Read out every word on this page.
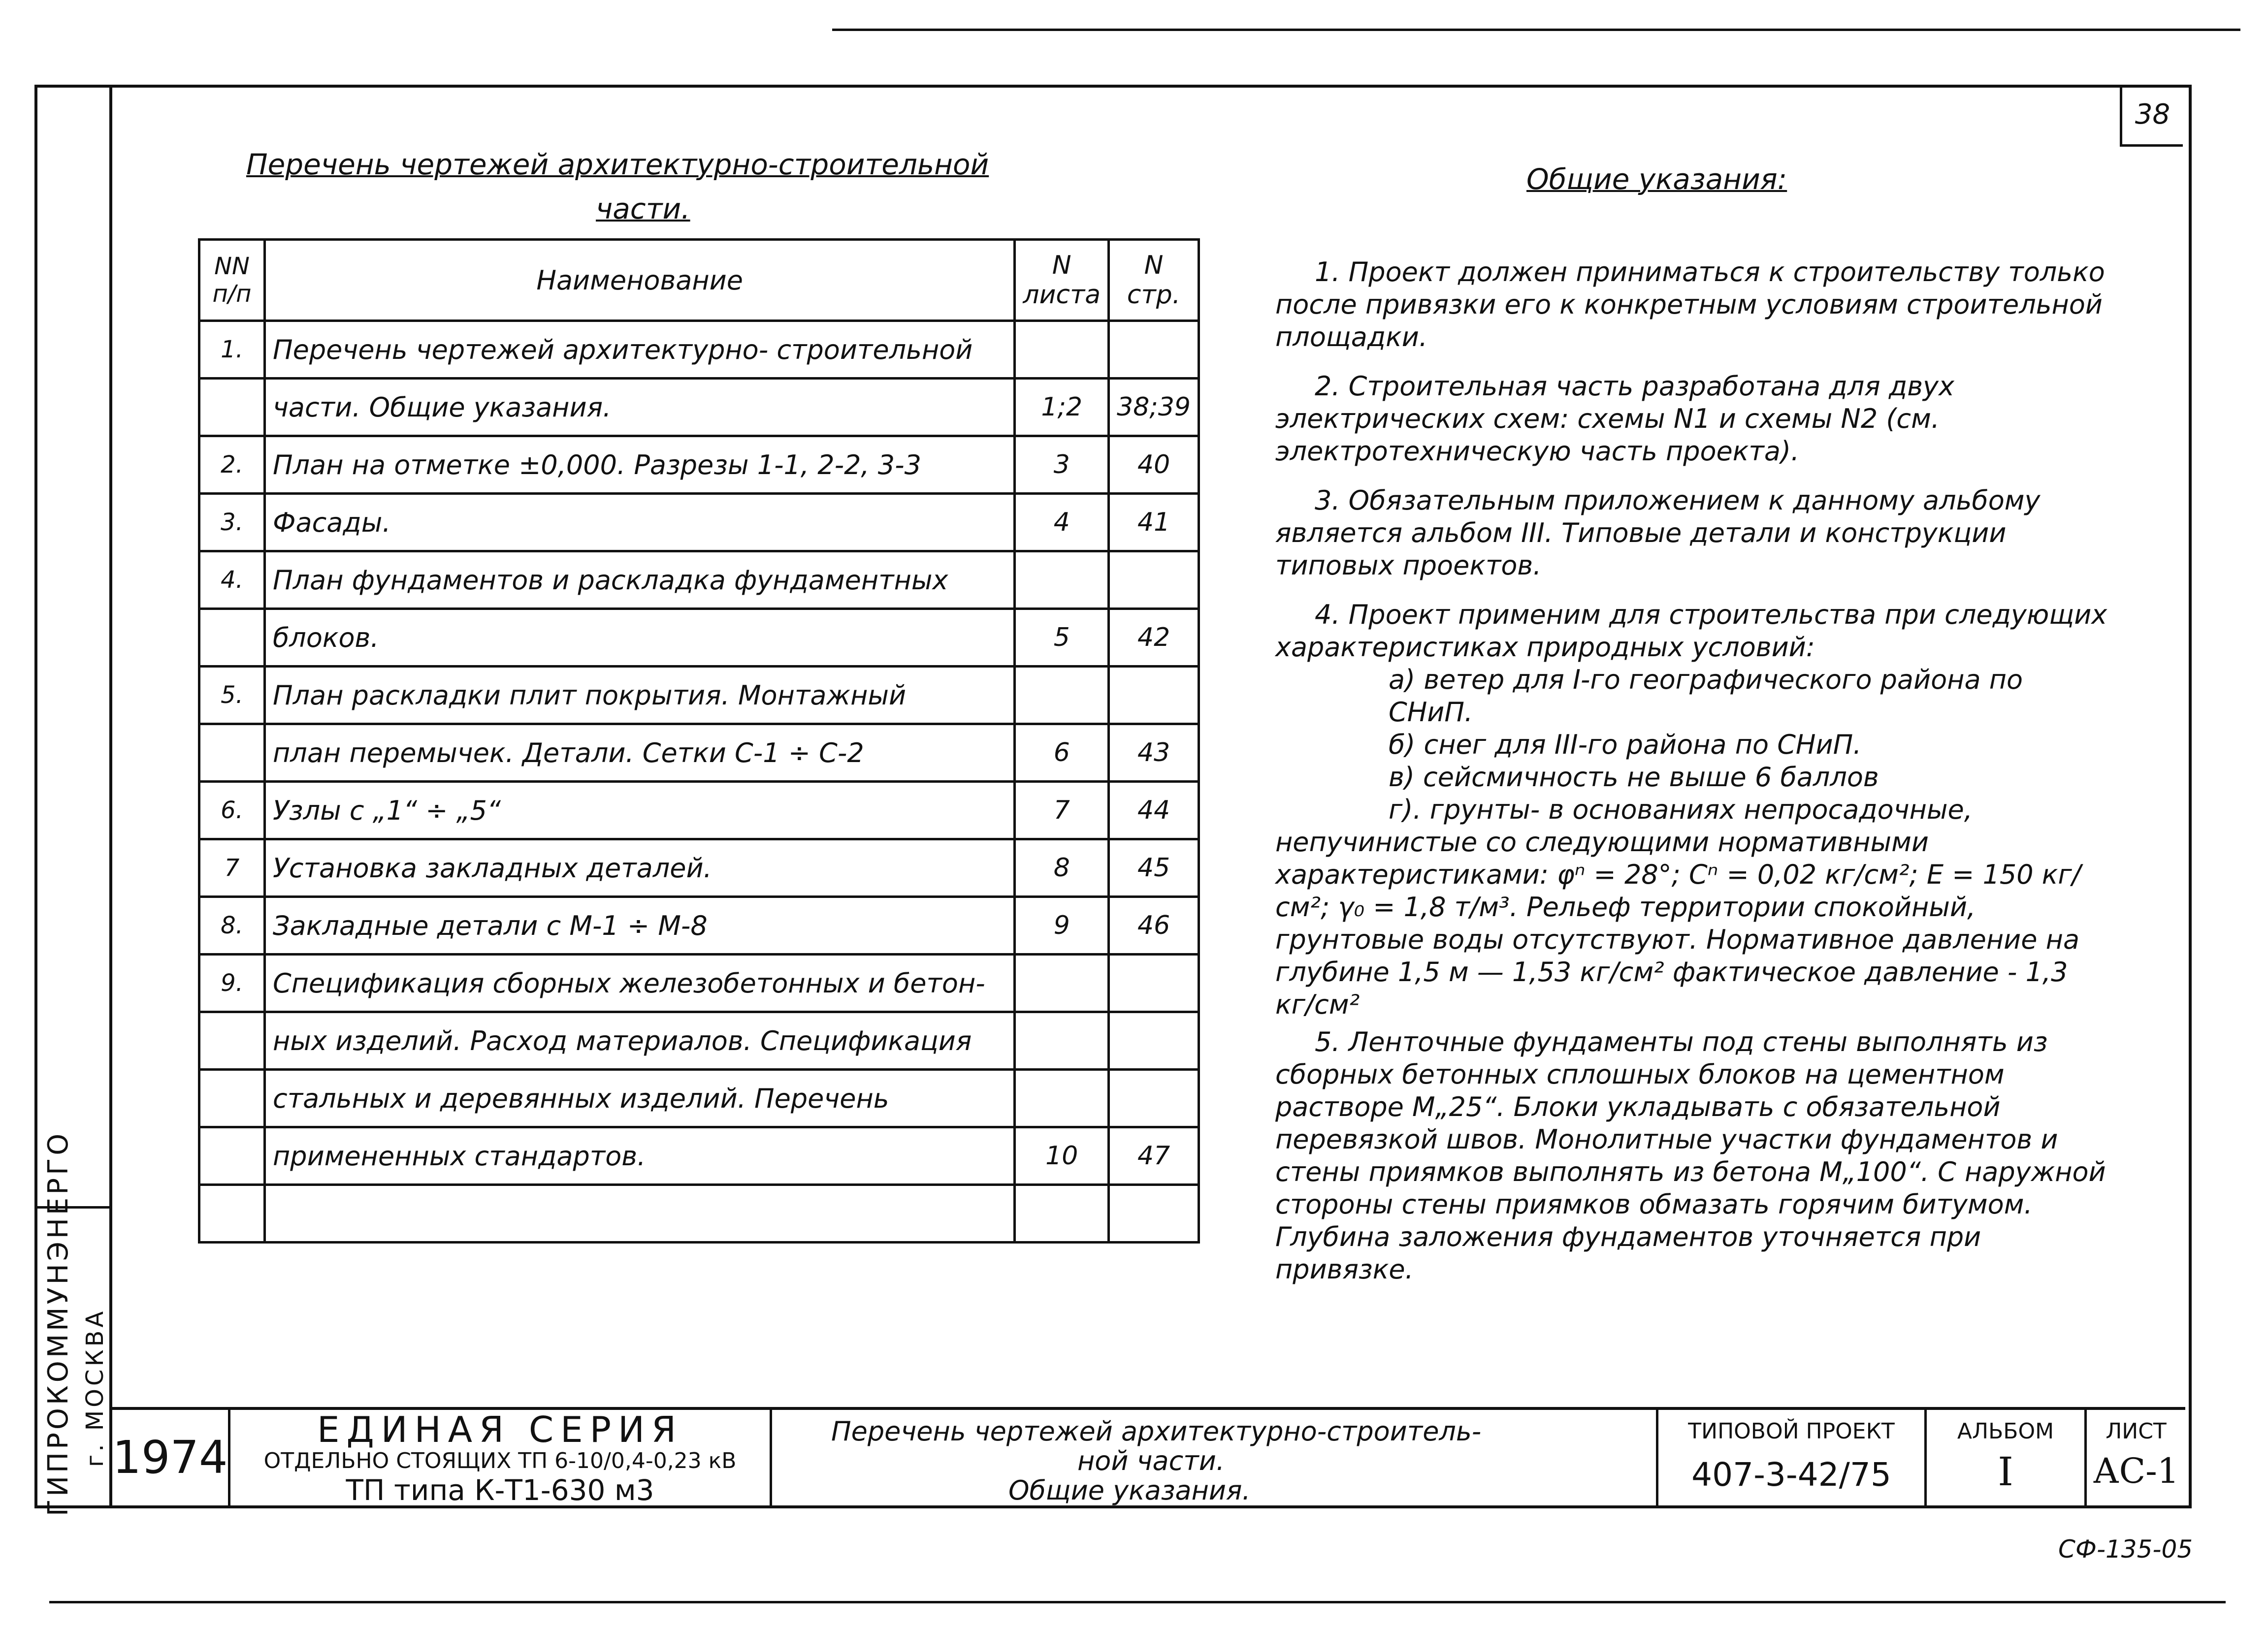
ГИПРОКОММУНЭНЕРГО г. МОСКВА
38
Перечень чертежей архитектурно-строительной
части.
NN п/п	Наименование	N листа	N стр.
1.	Перечень чертежей архитектурно- строительной		
	части. Общие указания.	1;2	38;39
2.	План на отметке ±0,000. Разрезы 1-1, 2-2, 3-3	3	40
3.	Фасады.	4	41
4.	План фундаментов и раскладка фундаментных		
	блоков.	5	42
5.	План раскладки плит покрытия. Монтажный		
	план перемычек. Детали. Сетки С-1 ÷ С-2	6	43
6.	Узлы с „1“ ÷ „5“	7	44
7	Установка закладных деталей.	8	45
8.	Закладные детали с М-1 ÷ М-8	9	46
9.	Спецификация сборных железобетонных и бетон-		
	ных изделий. Расход материалов. Спецификация		
	стальных и деревянных изделий. Перечень		
	примененных стандартов.	10	47

Общие указания:

1. Проект должен приниматься к строительству только после привязки его к конкретным условиям строительной площадки.

2. Строительная часть разработана для двух электрических схем: схемы N1 и схемы N2 (см. электротехническую часть проекта).

3. Обязательным приложением к данному альбому является альбом III. Типовые детали и конструкции типовых проектов.

4. Проект применим для строительства при следующих характеристиках природных условий:

а) ветер для I-го географического района по СНиП.

б) снег для III-го района по СНиП.

в) сейсмичность не выше 6 баллов

г). грунты- в основаниях непросадочные, непучинистые со следующими нормативными характеристиками: φⁿ = 28°; Cⁿ = 0,02 кг/см²; E = 150 кг/см²; γ₀ = 1,8 т/м³. Рельеф территории спокойный, грунтовые воды отсутствуют. Нормативное давление на глубине 1,5 м — 1,53 кг/см² фактическое давление - 1,3 кг/см²

5. Ленточные фундаменты под стены выполнять из сборных бетонных сплошных блоков на цементном растворе М„25“. Блоки укладывать с обязательной перевязкой швов. Монолитные участки фундаментов и стены приямков выполнять из бетона М„100“. С наружной стороны стены приямков обмазать горячим битумом. Глубина заложения фундаментов уточняется при привязке.

1974
ЕДИНАЯ СЕРИЯ
ОТДЕЛЬНО СТОЯЩИХ ТП 6-10/0,4-0,23 кВ
ТП типа К-Т1-630 м3
Перечень чертежей архитектурно-строитель-
ной части.
Общие указания.
ТИПОВОЙ ПРОЕКТ
407-3-42/75
АЛЬБОМ
I
ЛИСТ
АС-1
СФ-135-05
